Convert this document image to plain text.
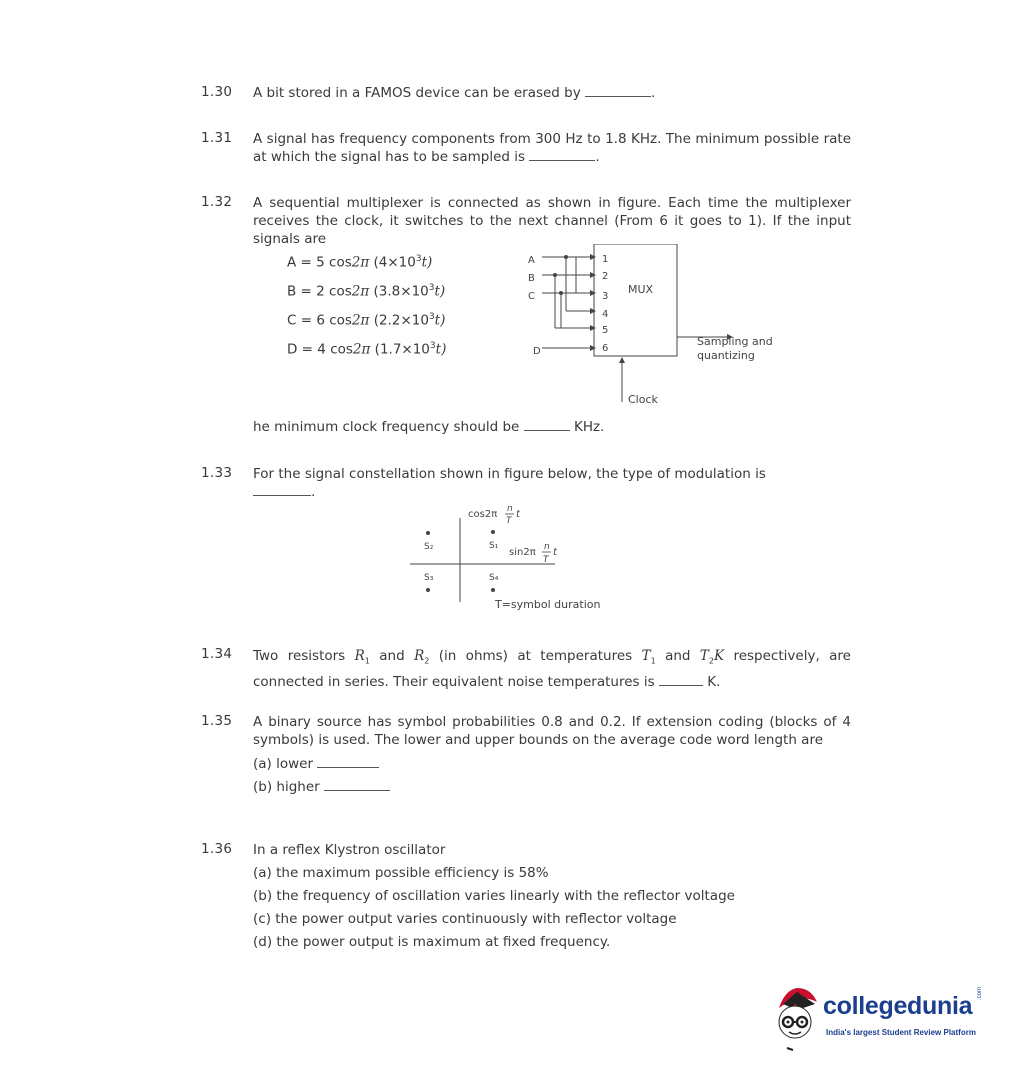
1.30	A bit stored in a FAMOS device can be erased by	.
1.31	A signal has frequency components from 300 Hz to 1.8 KHz. The minimum possible rate at which the signal has to be sampled is	.
1.32	A sequential multiplexer is connected as shown in figure. Each time the multiplexer receives the clock, it switches to the next channel (From 6 it goes to 1). If the input signals are
A = 5 cos2π (4×10$^3$t)
B = 2 cos2π (3.8×10$^3$t)
C = 6 cos2π (2.2×10$^3$t)
D = 4 cos2π (1.7×10$^3$t)
MUX
A
B
C
D
1
2
3
4
5
6
Sampling and
quantizing
Clock
he minimum clock frequency should be	KHz.
1.33	For the signal constellation shown in figure below, the type of modulation is
.
cos2π n
T
t
sin2π n
T
t
S₁
S₂
S₃	S₄
T=symbol duration
1.34	Two resistors $R_1$ and $R_2$ (in ohms) at temperatures $T_1$ and $T_2K$ respectively, are connected in series. Their equivalent noise temperatures is	K.
1.35	A binary source has symbol probabilities 0.8 and 0.2. If extension coding (blocks of 4 symbols) is used. The lower and upper bounds on the average code word length are
(a) lower
(b) higher
1.36	In a reflex Klystron oscillator
(a) the maximum possible efficiency is 58%
(b) the frequency of oscillation varies linearly with the reflector voltage
(c) the power output varies continuously with reflector voltage
(d) the power output is maximum at fixed frequency.
collegedunia .com
India's largest Student Review Platform
